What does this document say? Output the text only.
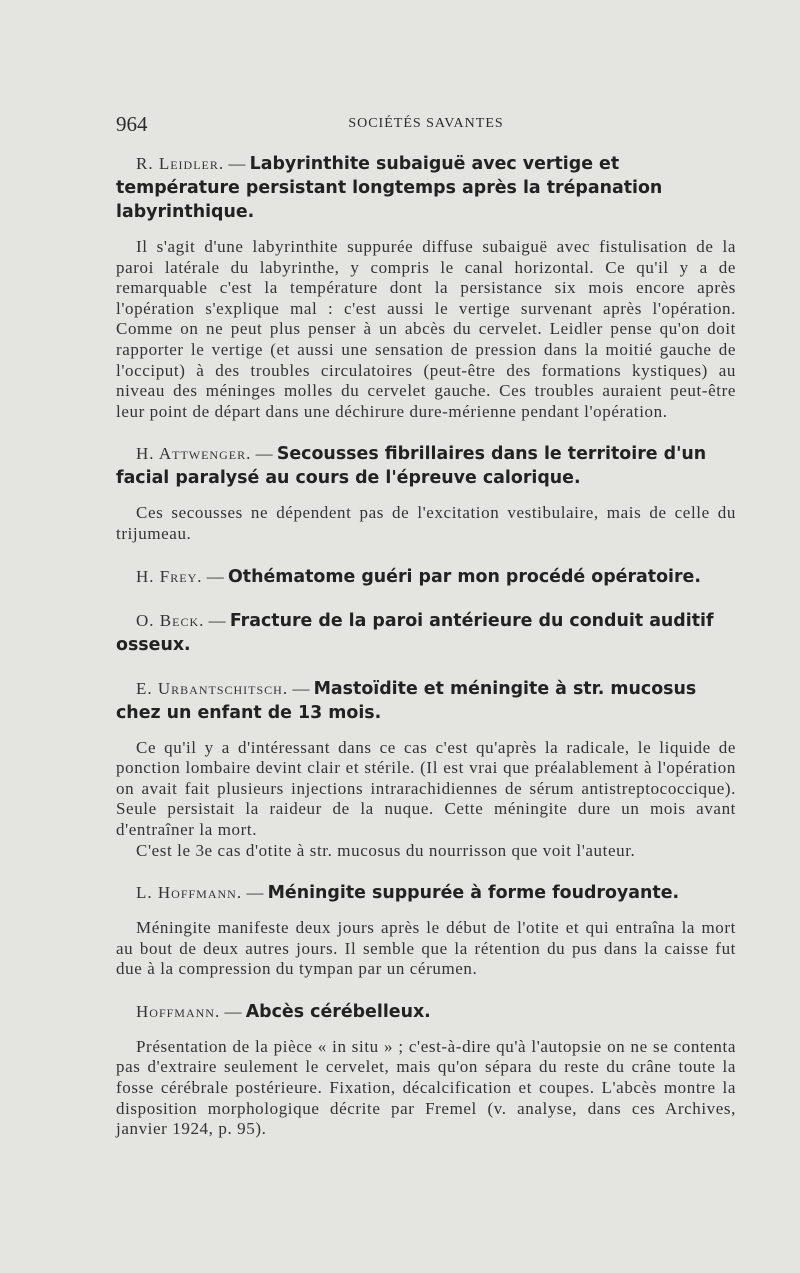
964	SOCIÉTÉS SAVANTES

R. Leidler. — Labyrinthite subaiguë avec vertige et température persistant longtemps après la trépanation labyrinthique.

Il s'agit d'une labyrinthite suppurée diffuse subaiguë avec fistulisation de la paroi latérale du labyrinthe, y compris le canal horizontal. Ce qu'il y a de remarquable c'est la température dont la persistance six mois encore après l'opération s'explique mal : c'est aussi le vertige survenant après l'opération. Comme on ne peut plus penser à un abcès du cervelet. Leidler pense qu'on doit rapporter le vertige (et aussi une sensation de pression dans la moitié gauche de l'occiput) à des troubles circulatoires (peut-être des formations kystiques) au niveau des méninges molles du cervelet gauche. Ces troubles auraient peut-être leur point de départ dans une déchirure dure-mérienne pendant l'opération.

H. Attwenger. — Secousses fibrillaires dans le territoire d'un facial paralysé au cours de l'épreuve calorique.

Ces secousses ne dépendent pas de l'excitation vestibulaire, mais de celle du trijumeau.

H. Frey. — Othématome guéri par mon procédé opératoire.

O. Beck. — Fracture de la paroi antérieure du conduit auditif osseux.

E. Urbantschitsch. — Mastoïdite et méningite à str. mucosus chez un enfant de 13 mois.

Ce qu'il y a d'intéressant dans ce cas c'est qu'après la radicale, le liquide de ponction lombaire devint clair et stérile. (Il est vrai que préalablement à l'opération on avait fait plusieurs injections intrarachidiennes de sérum antistreptococcique). Seule persistait la raideur de la nuque. Cette méningite dure un mois avant d'entraîner la mort.

C'est le 3e cas d'otite à str. mucosus du nourrisson que voit l'auteur.

L. Hoffmann. — Méningite suppurée à forme foudroyante.

Méningite manifeste deux jours après le début de l'otite et qui entraîna la mort au bout de deux autres jours. Il semble que la rétention du pus dans la caisse fut due à la compression du tympan par un cérumen.

Hoffmann. — Abcès cérébelleux.

Présentation de la pièce « in situ » ; c'est-à-dire qu'à l'autopsie on ne se contenta pas d'extraire seulement le cervelet, mais qu'on sépara du reste du crâne toute la fosse cérébrale postérieure. Fixation, décalcification et coupes. L'abcès montre la disposition morphologique décrite par Fremel (v. analyse, dans ces Archives, janvier 1924, p. 95).
